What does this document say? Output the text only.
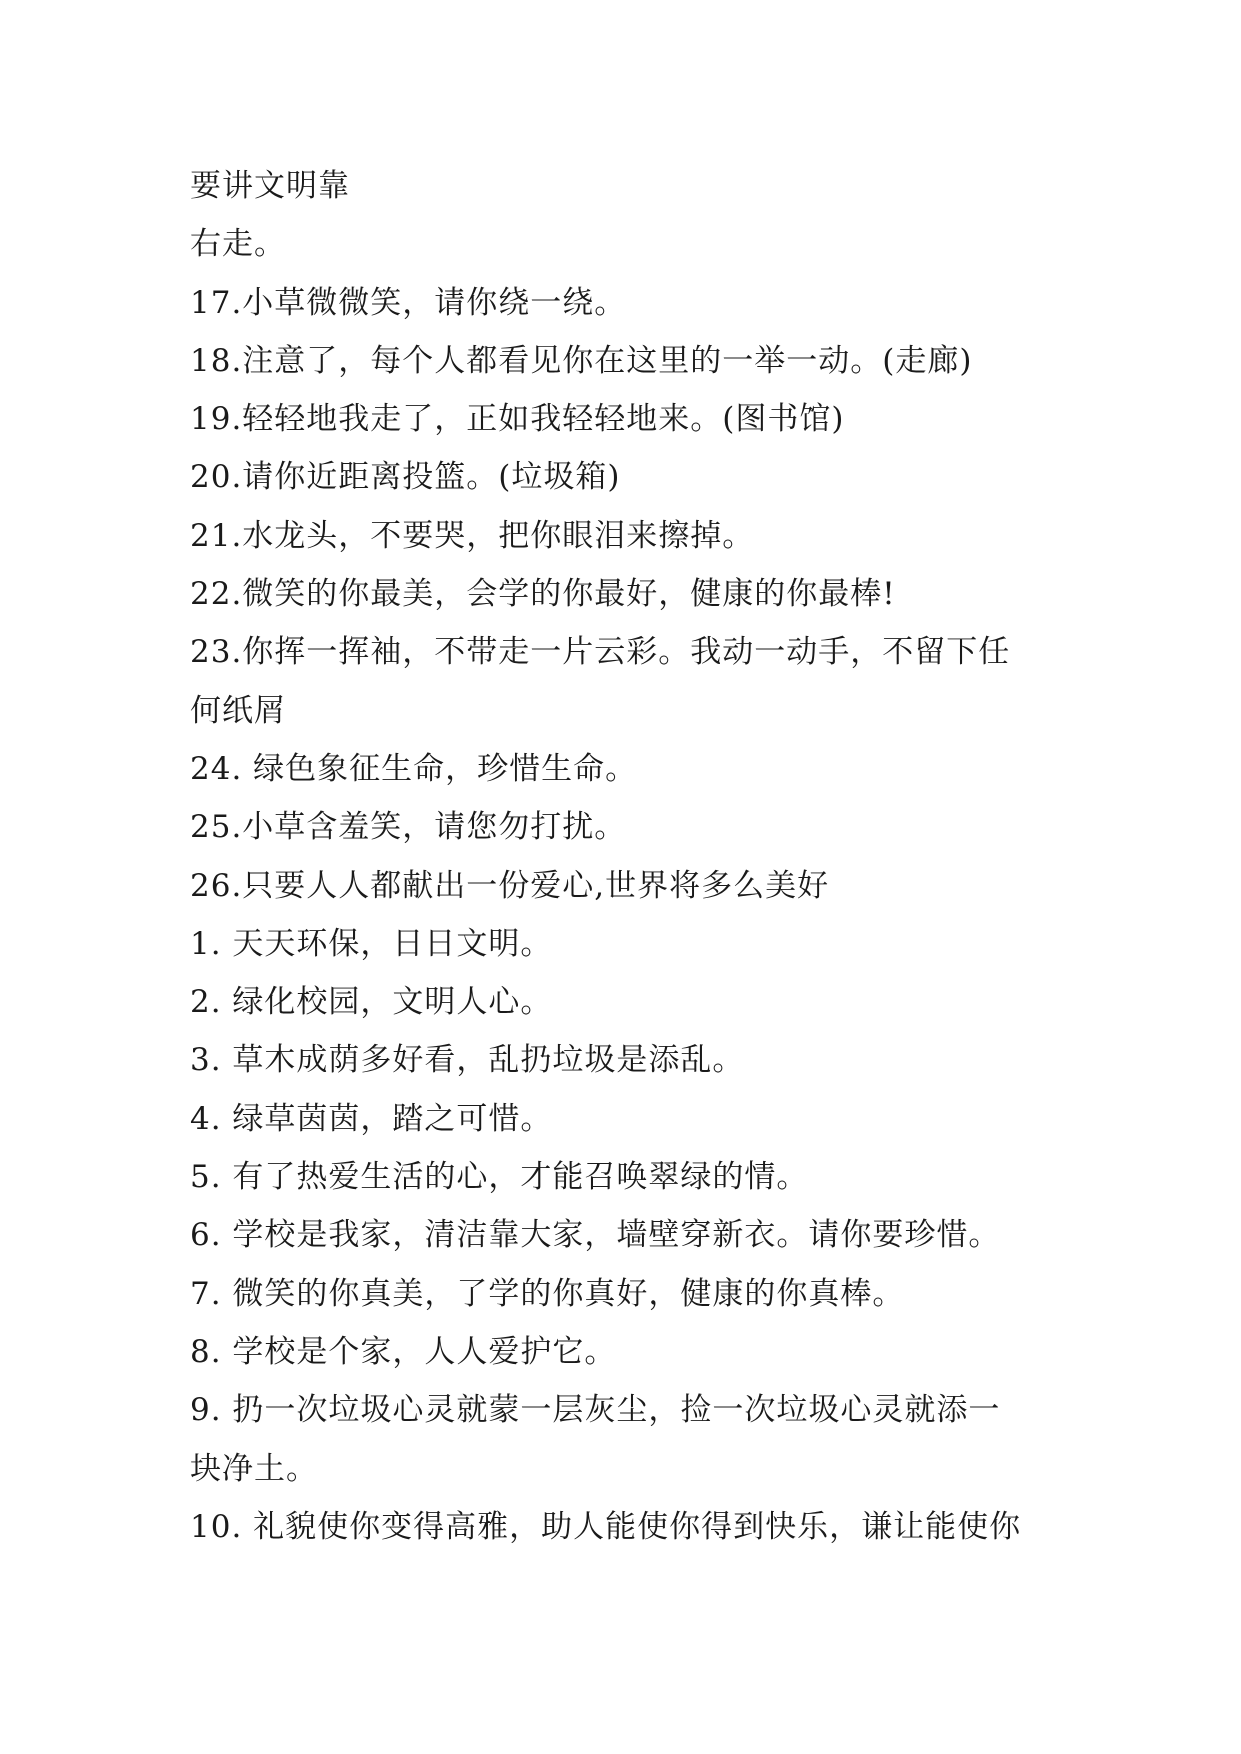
要讲文明靠
右走。
17.小草微微笑，请你绕一绕。
18.注意了，每个人都看见你在这里的一举一动。(走廊)
19.轻轻地我走了，正如我轻轻地来。(图书馆)
20.请你近距离投篮。(垃圾箱)
21.水龙头，不要哭，把你眼泪来擦掉。
22.微笑的你最美，会学的你最好，健康的你最棒!
23.你挥一挥袖，不带走一片云彩。我动一动手，不留下任
何纸屑
24. 绿色象征生命，珍惜生命。
25.小草含羞笑，请您勿打扰。
26.只要人人都献出一份爱心,世界将多么美好
1. 天天环保，日日文明。
2. 绿化校园，文明人心。
3. 草木成荫多好看，乱扔垃圾是添乱。
4. 绿草茵茵，踏之可惜。
5. 有了热爱生活的心，才能召唤翠绿的情。
6. 学校是我家，清洁靠大家，墙壁穿新衣。请你要珍惜。
7. 微笑的你真美，了学的你真好，健康的你真棒。
8. 学校是个家，人人爱护它。
9. 扔一次垃圾心灵就蒙一层灰尘，捡一次垃圾心灵就添一
块净土。
10. 礼貌使你变得高雅，助人能使你得到快乐，谦让能使你
